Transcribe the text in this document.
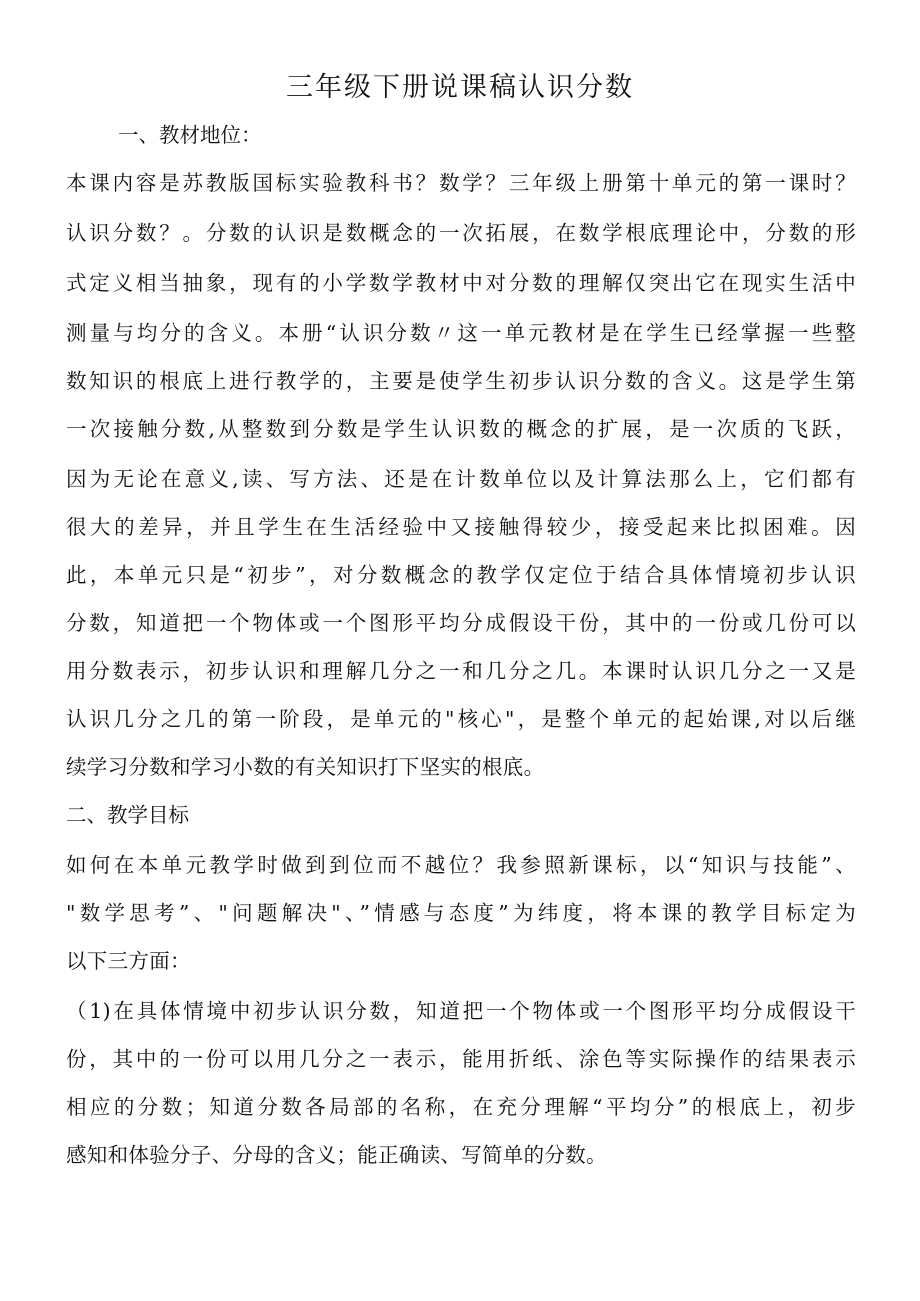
三年级下册说课稿认识分数
一、教材地位：
本课内容是苏教版国标实验教科书？数学？三年级上册第十单元的第一课时？
认识分数？。分数的认识是数概念的一次拓展，在数学根底理论中，分数的形
式定义相当抽象，现有的小学数学教材中对分数的理解仅突出它在现实生活中
测量与均分的含义。本册“认识分数〃这一单元教材是在学生已经掌握一些整
数知识的根底上进行教学的，主要是使学生初步认识分数的含义。这是学生第
一次接触分数,从整数到分数是学生认识数的概念的扩展，是一次质的飞跃，
因为无论在意义,读、写方法、还是在计数单位以及计算法那么上，它们都有
很大的差异，并且学生在生活经验中又接触得较少，接受起来比拟困难。因
此，本单元只是“初步”，对分数概念的教学仅定位于结合具体情境初步认识
分数，知道把一个物体或一个图形平均分成假设干份，其中的一份或几份可以
用分数表示，初步认识和理解几分之一和几分之几。本课时认识几分之一又是
认识几分之几的第一阶段，是单元的"核心"，是整个单元的起始课,对以后继
续学习分数和学习小数的有关知识打下坚实的根底。
二、教学目标
如何在本单元教学时做到到位而不越位？我参照新课标，以“知识与技能”、
"数学思考”、"问题解决"、”情感与态度”为纬度，将本课的教学目标定为
以下三方面：
（1)在具体情境中初步认识分数，知道把一个物体或一个图形平均分成假设干
份，其中的一份可以用几分之一表示，能用折纸、涂色等实际操作的结果表示
相应的分数；知道分数各局部的名称，在充分理解“平均分”的根底上，初步
感知和体验分子、分母的含义；能正确读、写简单的分数。
